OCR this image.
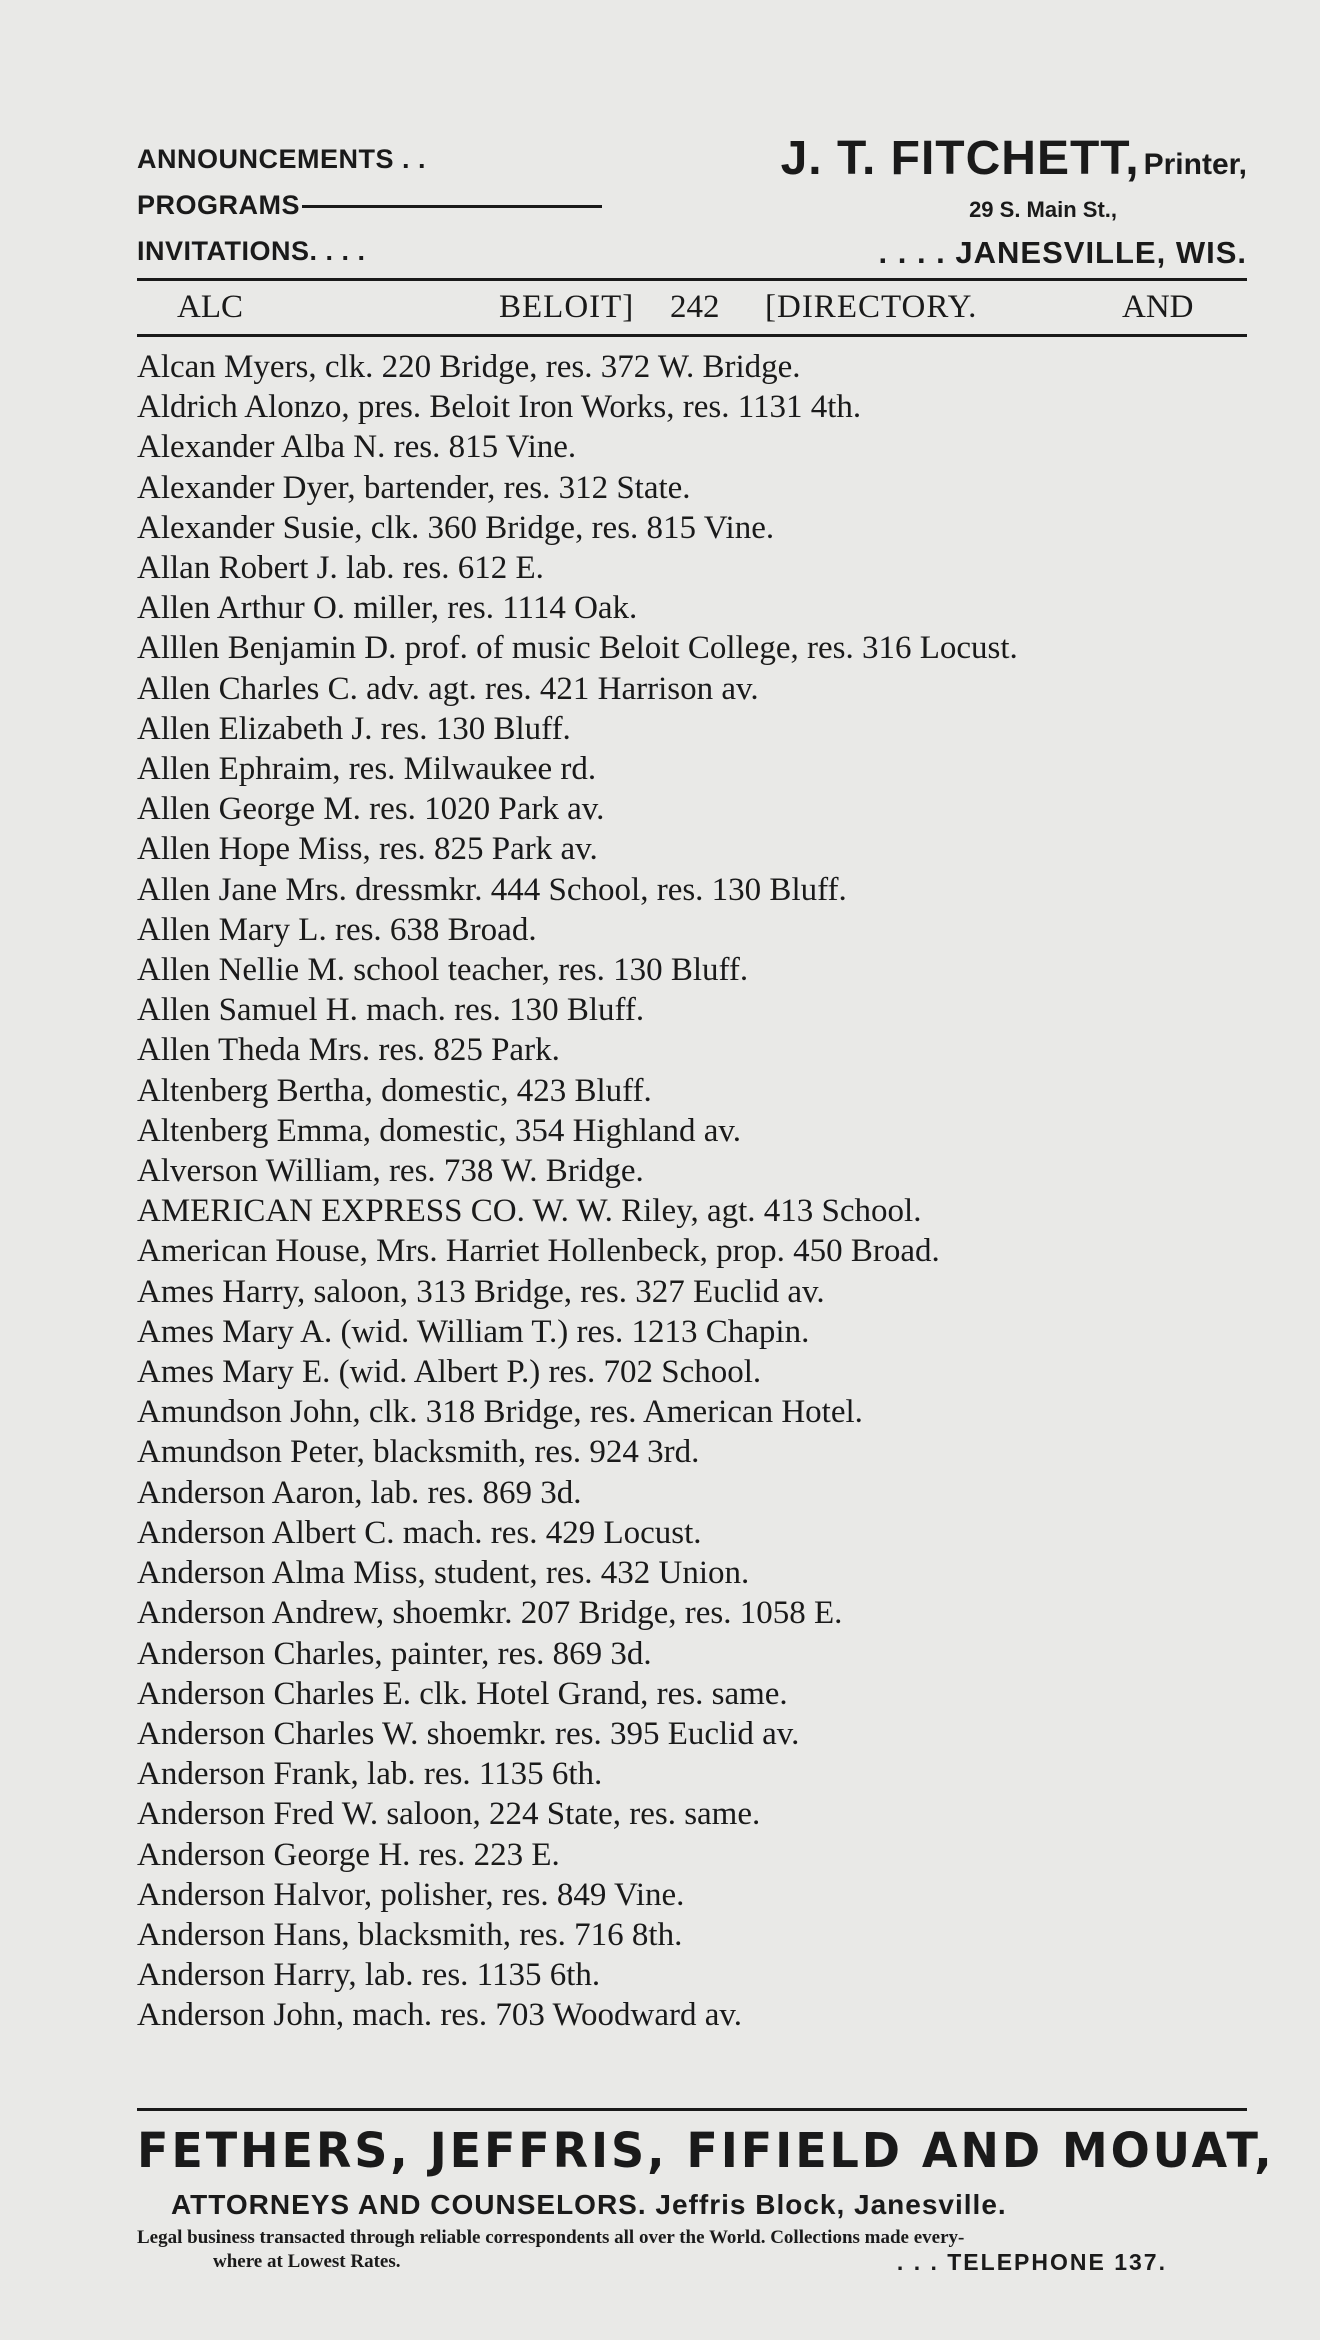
ANNOUNCEMENTS . .
PROGRAMS
INVITATIONS. . . .
J. T. FITCHETT, Printer,
29 S. Main St.,
. . . . JANESVILLE, WIS.
ALC	BELOIT] 242 [DIRECTORY.	AND
Alcan Myers, clk. 220 Bridge, res. 372 W. Bridge.
Aldrich Alonzo, pres. Beloit Iron Works, res. 1131 4th.
Alexander Alba N. res. 815 Vine.
Alexander Dyer, bartender, res. 312 State.
Alexander Susie, clk. 360 Bridge, res. 815 Vine.
Allan Robert J. lab. res. 612 E.
Allen Arthur O. miller, res. 1114 Oak.
Alllen Benjamin D. prof. of music Beloit College, res. 316 Locust.
Allen Charles C. adv. agt. res. 421 Harrison av.
Allen Elizabeth J. res. 130 Bluff.
Allen Ephraim, res. Milwaukee rd.
Allen George M. res. 1020 Park av.
Allen Hope Miss, res. 825 Park av.
Allen Jane Mrs. dressmkr. 444 School, res. 130 Bluff.
Allen Mary L. res. 638 Broad.
Allen Nellie M. school teacher, res. 130 Bluff.
Allen Samuel H. mach. res. 130 Bluff.
Allen Theda Mrs. res. 825 Park.
Altenberg Bertha, domestic, 423 Bluff.
Altenberg Emma, domestic, 354 Highland av.
Alverson William, res. 738 W. Bridge.
AMERICAN EXPRESS CO. W. W. Riley, agt. 413 School.
American House, Mrs. Harriet Hollenbeck, prop. 450 Broad.
Ames Harry, saloon, 313 Bridge, res. 327 Euclid av.
Ames Mary A. (wid. William T.) res. 1213 Chapin.
Ames Mary E. (wid. Albert P.) res. 702 School.
Amundson John, clk. 318 Bridge, res. American Hotel.
Amundson Peter, blacksmith, res. 924 3rd.
Anderson Aaron, lab. res. 869 3d.
Anderson Albert C. mach. res. 429 Locust.
Anderson Alma Miss, student, res. 432 Union.
Anderson Andrew, shoemkr. 207 Bridge, res. 1058 E.
Anderson Charles, painter, res. 869 3d.
Anderson Charles E. clk. Hotel Grand, res. same.
Anderson Charles W. shoemkr. res. 395 Euclid av.
Anderson Frank, lab. res. 1135 6th.
Anderson Fred W. saloon, 224 State, res. same.
Anderson George H. res. 223 E.
Anderson Halvor, polisher, res. 849 Vine.
Anderson Hans, blacksmith, res. 716 8th.
Anderson Harry, lab. res. 1135 6th.
Anderson John, mach. res. 703 Woodward av.
FETHERS, JEFFRIS, FIFIELD AND MOUAT,
ATTORNEYS AND COUNSELORS. Jeffris Block, Janesville.
Legal business transacted through reliable correspondents all over the World. Collections made every-
where at Lowest Rates.	. . . TELEPHONE 137.
